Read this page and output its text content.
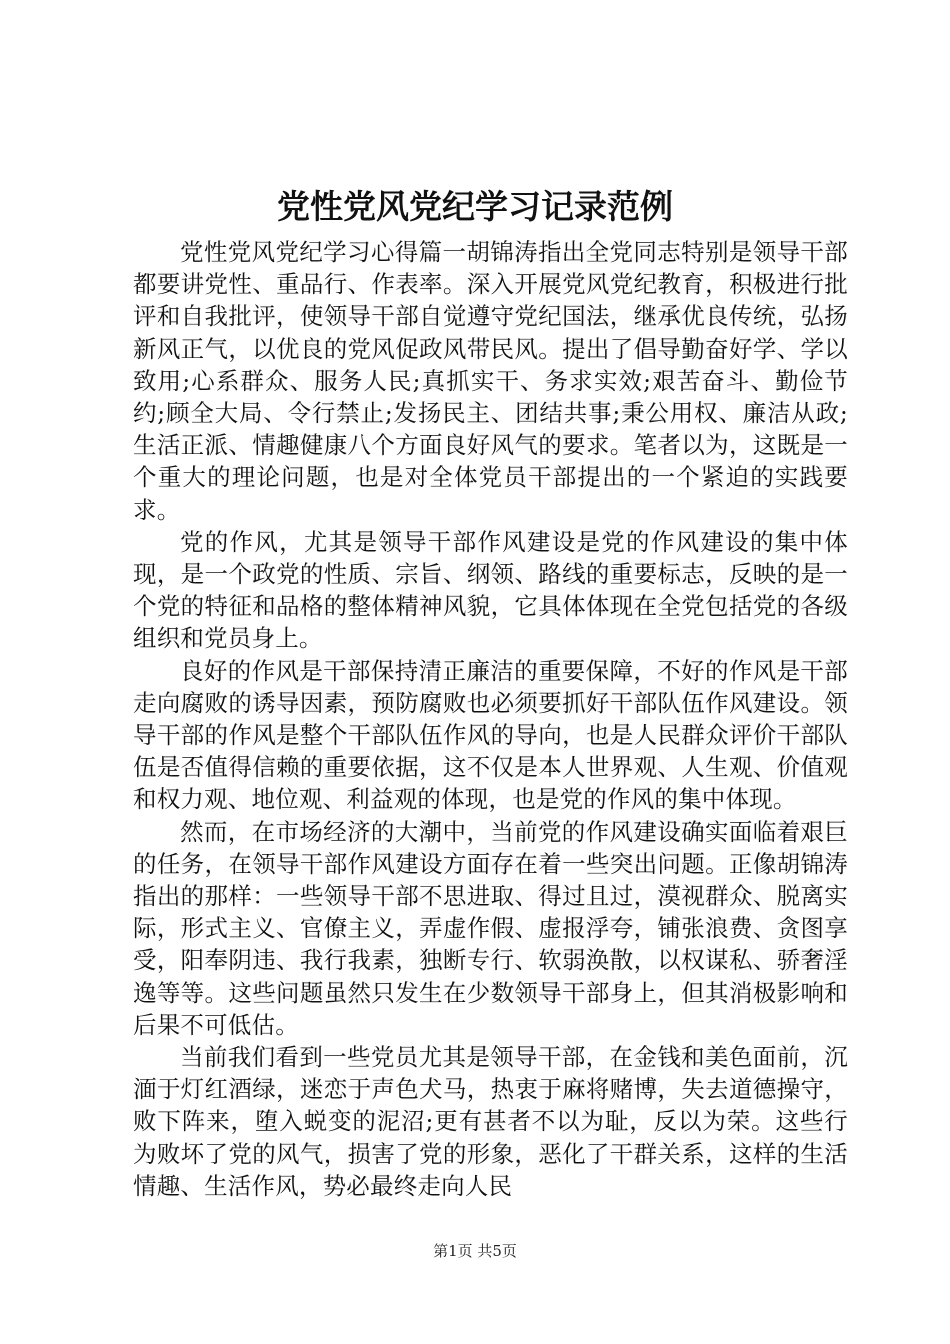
党性党风党纪学习记录范例

党性党风党纪学习心得篇一胡锦涛指出全党同志特别是领导干部都要讲党性、重品行、作表率。深入开展党风党纪教育，积极进行批评和自我批评，使领导干部自觉遵守党纪国法，继承优良传统，弘扬新风正气，以优良的党风促政风带民风。提出了倡导勤奋好学、学以致用;心系群众、服务人民;真抓实干、务求实效;艰苦奋斗、勤俭节约;顾全大局、令行禁止;发扬民主、团结共事;秉公用权、廉洁从政;生活正派、情趣健康八个方面良好风气的要求。笔者以为，这既是一个重大的理论问题，也是对全体党员干部提出的一个紧迫的实践要求。

党的作风，尤其是领导干部作风建设是党的作风建设的集中体现，是一个政党的性质、宗旨、纲领、路线的重要标志，反映的是一个党的特征和品格的整体精神风貌，它具体体现在全党包括党的各级组织和党员身上。

良好的作风是干部保持清正廉洁的重要保障，不好的作风是干部走向腐败的诱导因素，预防腐败也必须要抓好干部队伍作风建设。领导干部的作风是整个干部队伍作风的导向，也是人民群众评价干部队伍是否值得信赖的重要依据，这不仅是本人世界观、人生观、价值观和权力观、地位观、利益观的体现，也是党的作风的集中体现。

然而，在市场经济的大潮中，当前党的作风建设确实面临着艰巨的任务，在领导干部作风建设方面存在着一些突出问题。正像胡锦涛指出的那样：一些领导干部不思进取、得过且过，漠视群众、脱离实际，形式主义、官僚主义，弄虚作假、虚报浮夸，铺张浪费、贪图享受，阳奉阴违、我行我素，独断专行、软弱涣散，以权谋私、骄奢淫逸等等。这些问题虽然只发生在少数领导干部身上，但其消极影响和后果不可低估。

当前我们看到一些党员尤其是领导干部，在金钱和美色面前，沉湎于灯红酒绿，迷恋于声色犬马，热衷于麻将赌博，失去道德操守，败下阵来，堕入蜕变的泥沼;更有甚者不以为耻，反以为荣。这些行为败坏了党的风气，损害了党的形象，恶化了干群关系，这样的生活情趣、生活作风，势必最终走向人民

第1页 共5页
